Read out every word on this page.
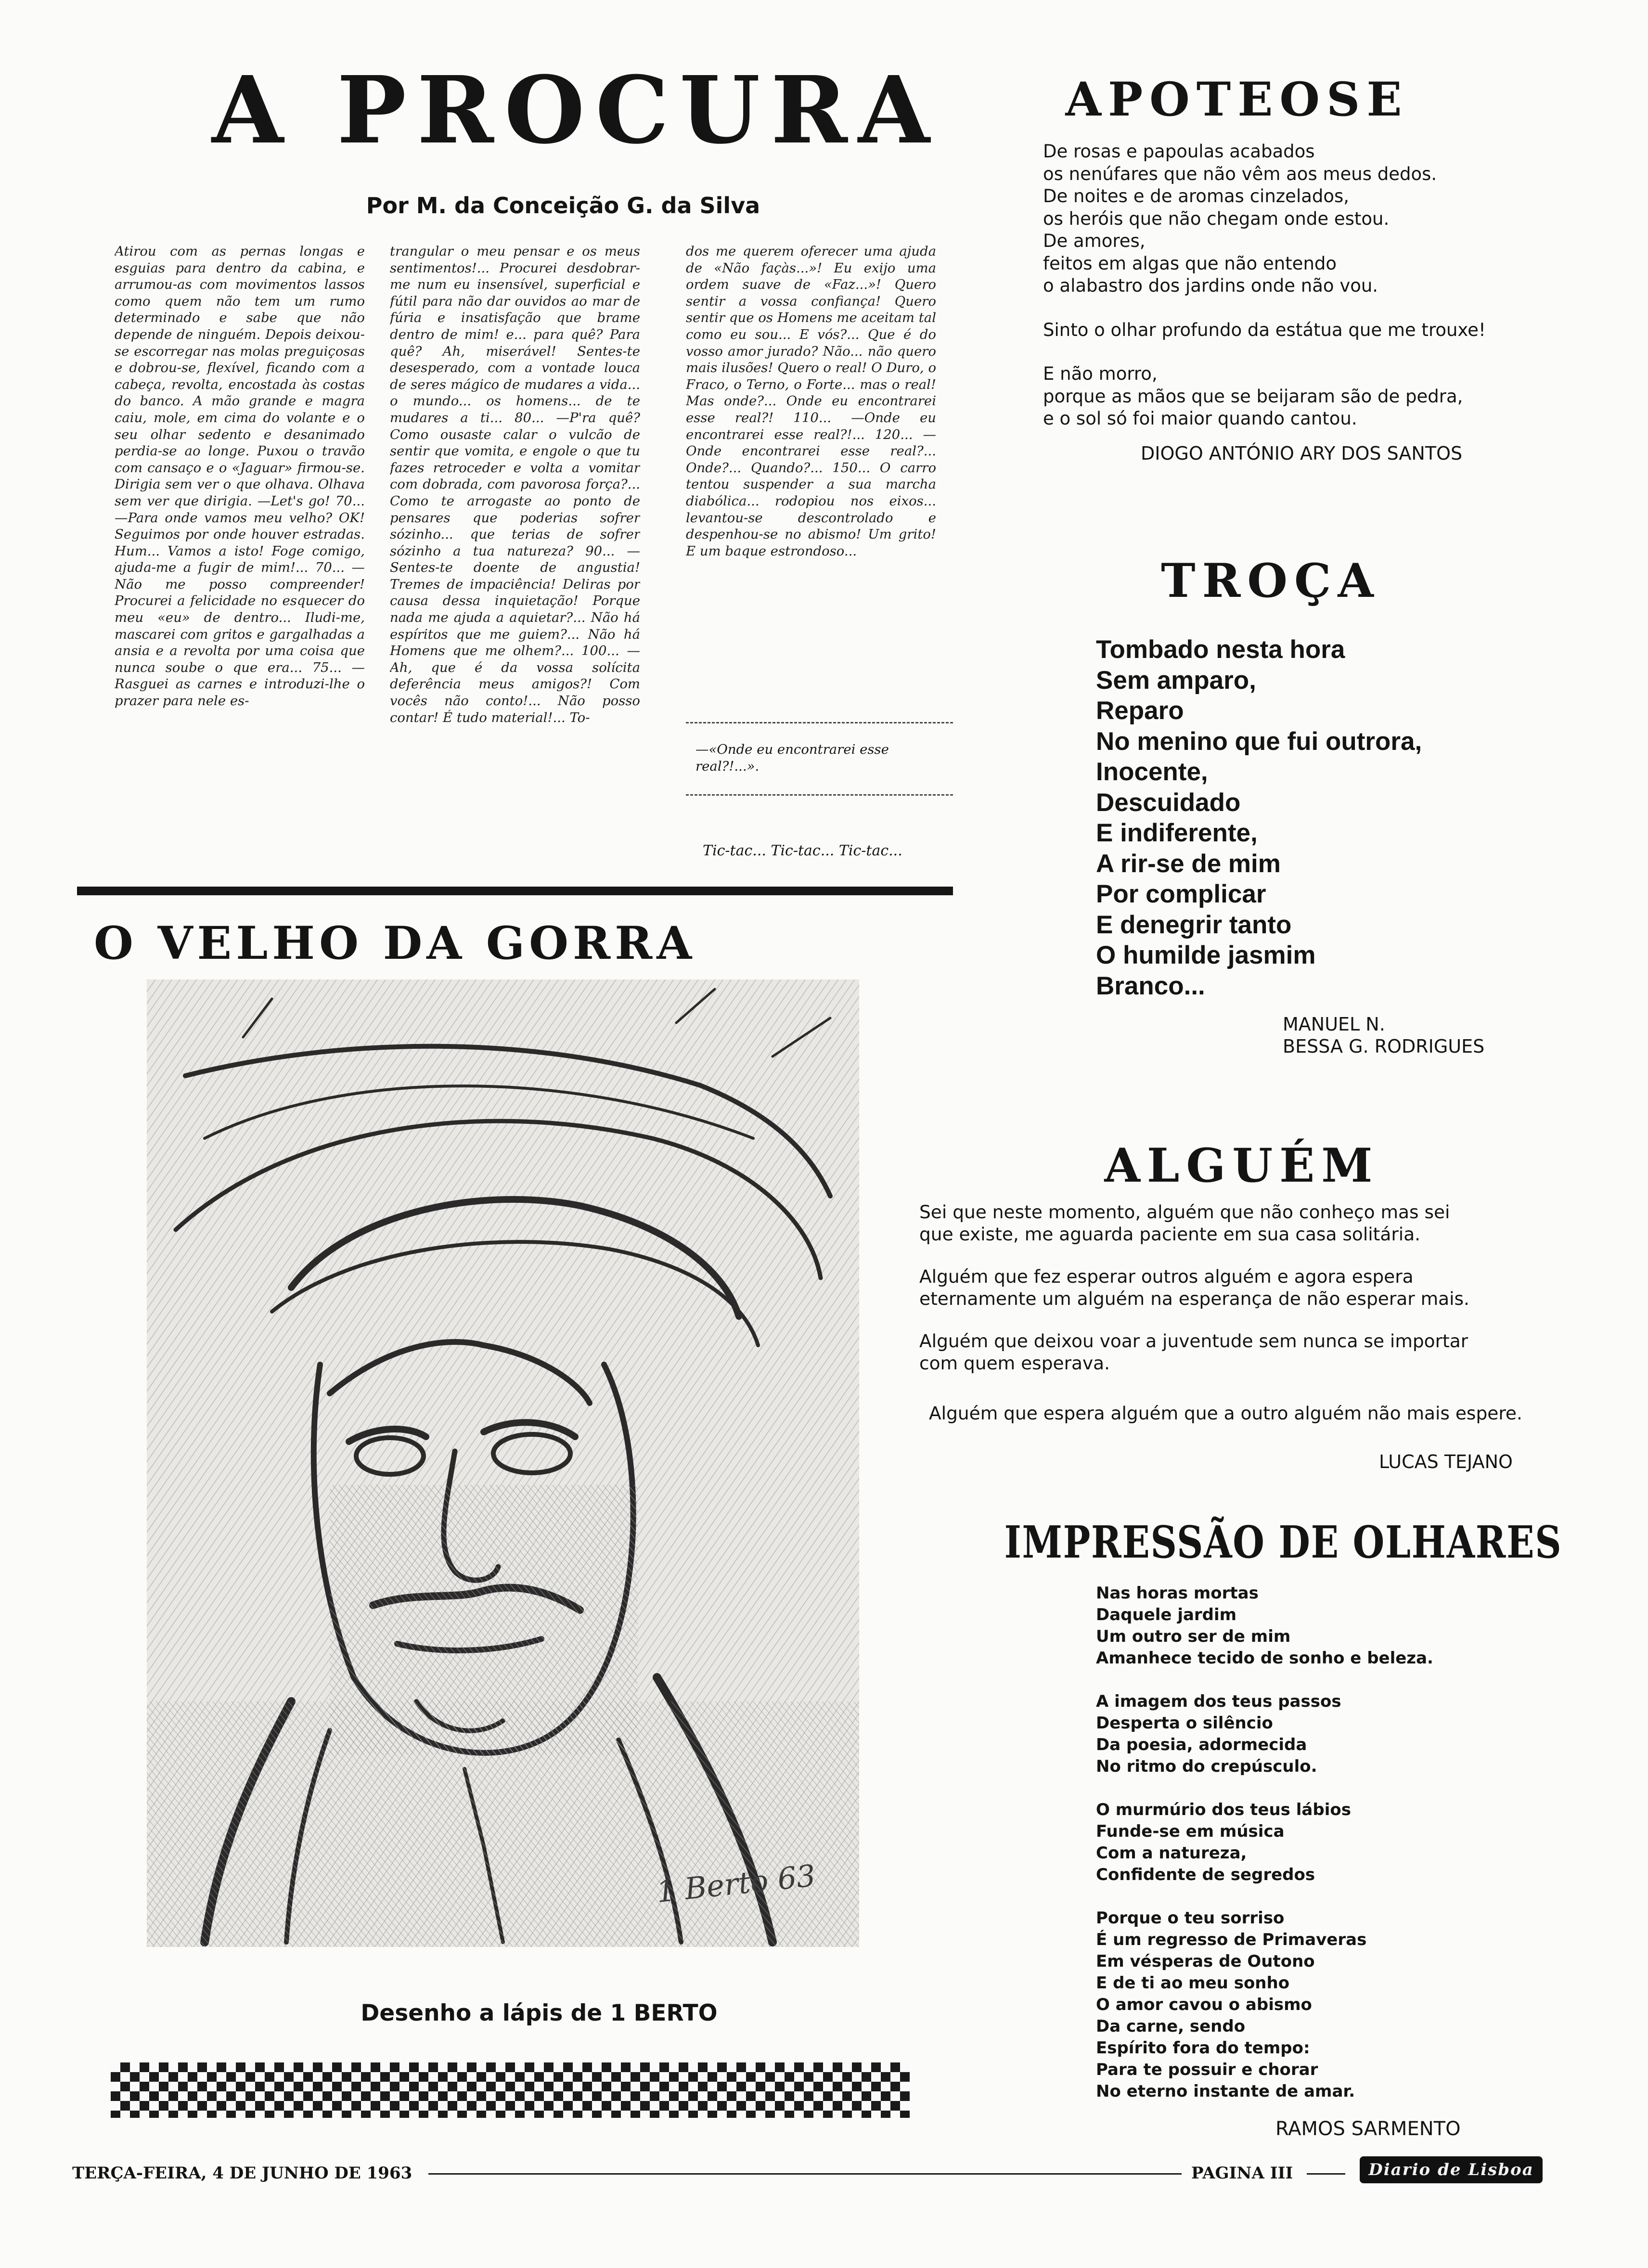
A PROCURA
Por M. da Conceição G. da Silva

Atirou com as pernas longas e esguias para dentro da cabina, e arrumou-as com movimentos lassos como quem não tem um rumo determinado e sabe que não depende de ninguém. Depois deixou-se escorregar nas molas preguiçosas e dobrou-se, flexível, ficando com a cabeça, revolta, encostada às costas do banco. A mão grande e magra caiu, mole, em cima do volante e o seu olhar sedento e desanimado perdia-se ao longe. Puxou o travão com cansaço e o «Jaguar» firmou-se. Dirigia sem ver o que olhava. Olhava sem ver que dirigia. —Let's go! 70... —Para onde vamos meu velho? OK! Seguimos por onde houver estradas. Hum... Vamos a isto! Foge comigo, ajuda-me a fugir de mim!... 70... —Não me posso compreender! Procurei a felicidade no esquecer do meu «eu» de dentro... Iludi-me, mascarei com gritos e gargalhadas a ansia e a revolta por uma coisa que nunca soube o que era... 75... —Rasguei as carnes e introduzi-lhe o prazer para nele es-

trangular o meu pensar e os meus sentimentos!... Procurei desdobrar-me num eu insensível, superficial e fútil para não dar ouvidos ao mar de fúria e insatisfação que brame dentro de mim! e... para quê? Para quê? Ah, miserável! Sentes-te desesperado, com a vontade louca de seres mágico de mudares a vida... o mundo... os homens... de te mudares a ti... 80... —P'ra quê? Como ousaste calar o vulcão de sentir que vomita, e engole o que tu fazes retroceder e volta a vomitar com dobrada, com pavorosa força?... Como te arrogaste ao ponto de pensares que poderias sofrer sózinho... que terias de sofrer sózinho a tua natureza? 90... —Sentes-te doente de angustia! Tremes de impaciência! Deliras por causa dessa inquietação! Porque nada me ajuda a aquietar?... Não há espíritos que me guiem?... Não há Homens que me olhem?... 100... —Ah, que é da vossa solícita deferência meus amigos?! Com vocês não conto!... Não posso contar! É tudo material!... To-

dos me querem oferecer uma ajuda de «Não façàs...»! Eu exijo uma ordem suave de «Faz...»! Quero sentir a vossa confiança! Quero sentir que os Homens me aceitam tal como eu sou... E vós?... Que é do vosso amor jurado? Não... não quero mais ilusões! Quero o real! O Duro, o Fraco, o Terno, o Forte... mas o real! Mas onde?... Onde eu encontrarei esse real?! 110... —Onde eu encontrarei esse real?!... 120... —Onde encontrarei esse real?... Onde?... Quando?... 150... O carro tentou suspender a sua marcha diabólica... rodopiou nos eixos... levantou-se descontrolado e despenhou-se no abismo! Um grito! E um baque estrondoso...

—«Onde eu encontrarei esse real?!...».
Tic-tac... Tic-tac... Tic-tac...
O VELHO DA GORRA
1 Berto 63
Desenho a lápis de 1 BERTO
TERÇA-FEIRA, 4 DE JUNHO DE 1963	PAGINA III	Diario de Lisboa
APOTEOSE

De rosas e papoulas acabados

os nenúfares que não vêm aos meus dedos.

De noites e de aromas cinzelados,

os heróis que não chegam onde estou.

De amores,

feitos em algas que não entendo

o alabastro dos jardins onde não vou.

Sinto o olhar profundo da estátua que me trouxe!

E não morro,

porque as mãos que se beijaram são de pedra,

e o sol só foi maior quando cantou.

DIOGO ANTÓNIO ARY DOS SANTOS
TROÇA

Tombado nesta hora

Sem amparo,

Reparo

No menino que fui outrora,

Inocente,

Descuidado

E indiferente,

A rir-se de mim

Por complicar

E denegrir tanto

O humilde jasmim

Branco...

MANUEL N.
BESSA G. RODRIGUES
ALGUÉM

Sei que neste momento, alguém que não conheço mas sei

que existe, me aguarda paciente em sua casa solitária.

Alguém que fez esperar outros alguém e agora espera

eternamente um alguém na esperança de não esperar mais.

Alguém que deixou voar a juventude sem nunca se importar

com quem esperava.

Alguém que espera alguém que a outro alguém não mais espere.

LUCAS TEJANO
IMPRESSÃO DE OLHARES

Nas horas mortas

Daquele jardim

Um outro ser de mim

Amanhece tecido de sonho e beleza.

A imagem dos teus passos

Desperta o silêncio

Da poesia, adormecida

No ritmo do crepúsculo.

O murmúrio dos teus lábios

Funde-se em música

Com a natureza,

Confidente de segredos

Porque o teu sorriso

É um regresso de Primaveras

Em vésperas de Outono

E de ti ao meu sonho

O amor cavou o abismo

Da carne, sendo

Espírito fora do tempo:

Para te possuir e chorar

No eterno instante de amar.

RAMOS SARMENTO
